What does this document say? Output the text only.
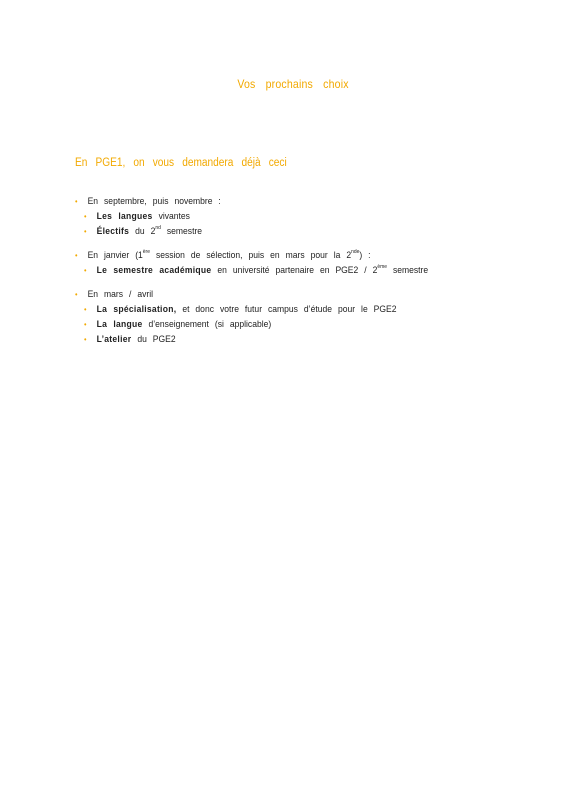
Vos prochains choix
En PGE1, on vous demandera déjà ceci
• En septembre, puis novembre :
• Les langues vivantes
• Électifs du 2nd semestre
• En janvier (1ère session de sélection, puis en mars pour la 2nde) :
• Le semestre académique en université partenaire en PGE2 / 2ème semestre
• En mars / avril
• La spécialisation, et donc votre futur campus d’étude pour le PGE2
• La langue d’enseignement (si applicable)
• L’atelier du PGE2
